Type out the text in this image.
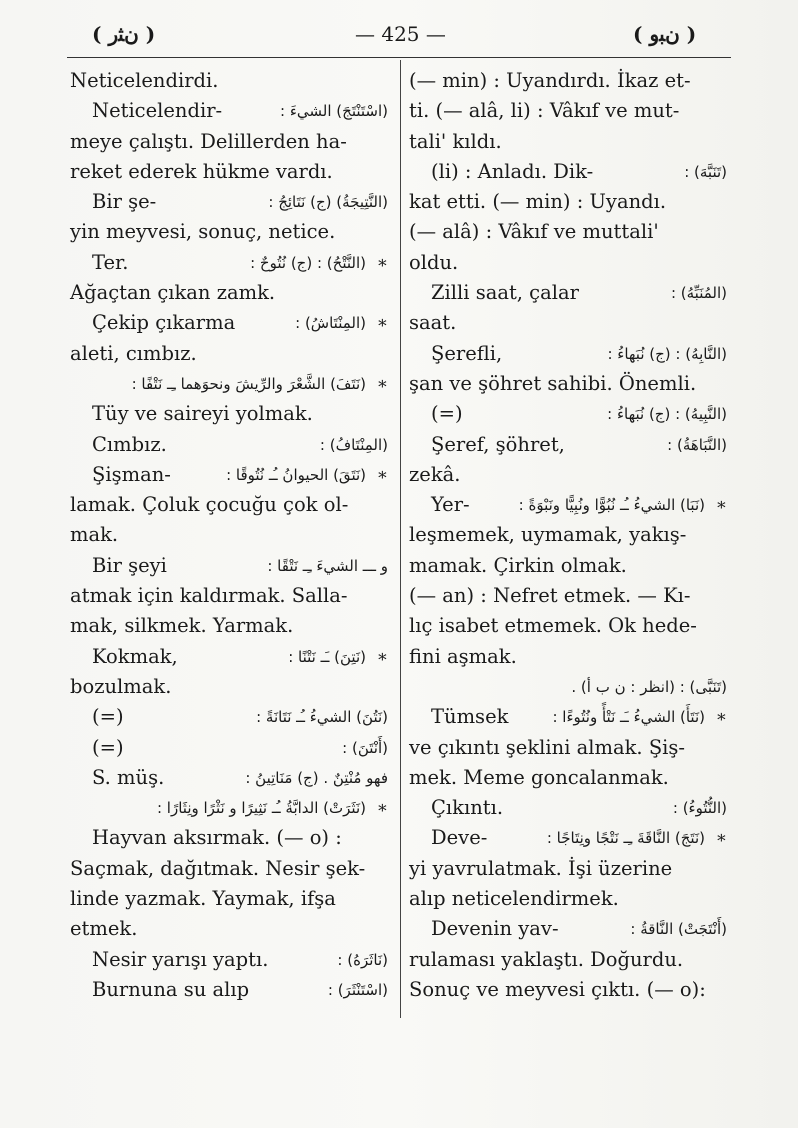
( ﻥﺜﺭ )	— 425 —	( ﻥﺒﻭ )
Neticelendirdi.
Neticelendir-	(اسْتَنْتَجَ) الشيءَ :
meye çalıştı. Delillerden ha-
reket ederek hükme vardı.
Bir şe-	(النَّتِيجَةُ) (ج) نَتَائِجُ :
yin meyvesi, sonuç, netice.
Ter.	(النَّتْحُ) : (ج) نُتُوحٌ : ∗
Ağaçtan çıkan zamk.
Çekip çıkarma	(المِنْتَاشُ) : ∗
aleti, cımbız.
(نَتَفَ) الشَّعْرَ والرِّيشَ ونحوَهما ـِـ نَتْفًا : ∗
Tüy ve saireyi yolmak.
Cımbız.	(المِنْتَافُ) :
Şişman-	(نَتَقَ) الحيوانُ ـُـ نُتُوقًا : ∗
lamak. Çoluk çocuğu çok ol-
mak.
Bir şeyi	و ـــ الشيءَ ـِـ نَتْقًا :
atmak için kaldırmak. Salla-
mak, silkmek. Yarmak.
Kokmak,	(نَتِنَ) ـَـ نَتْنًا : ∗
bozulmak.
(=)	(نَتُنَ) الشيءُ ـُـ نَتَانَةً :
(=)	(أَنْتَنَ) :
S. müş.	فهو مُنْتِنٌ . (ج) مَنَاتِينُ :
(نَثَرَتْ) الدابَّةُ ـُـ نَثِيرًا و نَثْرًا ونِثَارًا : ∗
Hayvan aksırmak. (— o) :
Saçmak, dağıtmak. Nesir şek-
linde yazmak. Yaymak, ifşa
etmek.
Nesir yarışı yaptı.	(نَاثَرَهُ) :
Burnuna su alıp	(اسْتَنْثَرَ) :
(— min) : Uyandırdı. İkaz et-
ti. (— alâ, li) : Vâkıf ve mut-
tali' kıldı.
(li) : Anladı. Dik-	(تَنَبَّهَ) :
kat etti. (— min) : Uyandı.
(— alâ) : Vâkıf ve muttali'
oldu.
Zilli saat, çalar	(المُنَبِّهُ) :
saat.
Şerefli,	(النَّابِهُ) : (ج) نُبَهاءُ :
şan ve şöhret sahibi. Önemli.
(=)	(النَّبِيهُ) : (ج) نُبَهاءُ :
Şeref, şöhret,	(النَّبَاهَةُ) :
zekâ.
Yer-	(نَبَا) الشيءُ ـُـ نُبُوًّا ونُبِيًّا ونَبْوَةً : ∗
leşmemek, uymamak, yakış-
mamak. Çirkin olmak.
(— an) : Nefret etmek. — Kı-
lıç isabet etmemek. Ok hede-
fini aşmak.
(تَنَبَّى) : (انظر : ن ب أ) .
Tümsek	(نَتَأَ) الشيءُ ـَـ نَتْأً ونُتُوءًا : ∗
ve çıkıntı şeklini almak. Şiş-
mek. Meme goncalanmak.
Çıkıntı.	(النُّتُوءُ) :
Deve-	(نَتَجَ) النَّاقَةَ ـِـ نَتْجًا ونِتَاجًا : ∗
yi yavrulatmak. İşi üzerine
alıp neticelendirmek.
Devenin yav-	(أَنْتَجَتْ) النَّاقةُ :
rulaması yaklaştı. Doğurdu.
Sonuç ve meyvesi çıktı. (— o):
